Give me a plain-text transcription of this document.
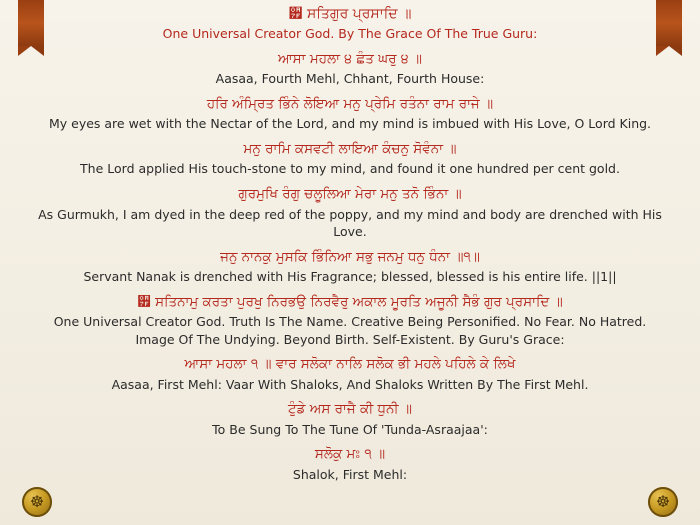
☸	☸

੿ ਸਤਿਗੁਰ ਪ੍ਰਸਾਦਿ ॥

One Universal Creator God. By The Grace Of The True Guru:

ਆਸਾ ਮਹਲਾ ੪ ਛੰਤ ਘਰੁ ੪ ॥

Aasaa, Fourth Mehl, Chhant, Fourth House:

ਹਰਿ ਅੰਮ੍ਰਿਤ ਭਿੰਨੇ ਲੋਇਆ ਮਨੁ ਪ੍ਰੇਮਿ ਰਤੰਨਾ ਰਾਮ ਰਾਜੇ ॥

My eyes are wet with the Nectar of the Lord, and my mind is imbued with His Love, O Lord King.

ਮਨੁ ਰਾਮਿ ਕਸਵਟੀ ਲਾਇਆ ਕੰਚਨੁ ਸੋਵੰਨਾ ॥

The Lord applied His touch-stone to my mind, and found it one hundred per cent gold.

ਗੁਰਮੁਖਿ ਰੰਗੁ ਚਲੂਲਿਆ ਮੇਰਾ ਮਨੁ ਤਨੋ ਭਿੰਨਾ ॥

As Gurmukh, I am dyed in the deep red of the poppy, and my mind and body are drenched with His Love.

ਜਨੁ ਨਾਨਕੁ ਮੁਸਕਿ ਭਿੰਨਿਆ ਸਭੁ ਜਨਮੁ ਧਨੁ ਧੰਨਾ ॥੧॥

Servant Nanak is drenched with His Fragrance; blessed, blessed is his entire life. ||1||

੿ ਸਤਿਨਾਮੁ ਕਰਤਾ ਪੁਰਖੁ ਨਿਰਭਉ ਨਿਰਵੈਰੁ ਅਕਾਲ ਮੂਰਤਿ ਅਜੂਨੀ ਸੈਭੰ ਗੁਰ ਪ੍ਰਸਾਦਿ ॥

One Universal Creator God. Truth Is The Name. Creative Being Personified. No Fear. No Hatred. Image Of The Undying. Beyond Birth. Self-Existent. By Guru's Grace:

ਆਸਾ ਮਹਲਾ ੧ ॥ ਵਾਰ ਸਲੋਕਾ ਨਾਲਿ ਸਲੋਕ ਭੀ ਮਹਲੇ ਪਹਿਲੇ ਕੇ ਲਿਖੇ

Aasaa, First Mehl: Vaar With Shaloks, And Shaloks Written By The First Mehl.

ਟੁੰਡੇ ਅਸ ਰਾਜੈ ਕੀ ਧੁਨੀ ॥

To Be Sung To The Tune Of 'Tunda-Asraajaa':

ਸਲੋਕੁ ਮਃ ੧ ॥

Shalok, First Mehl:
